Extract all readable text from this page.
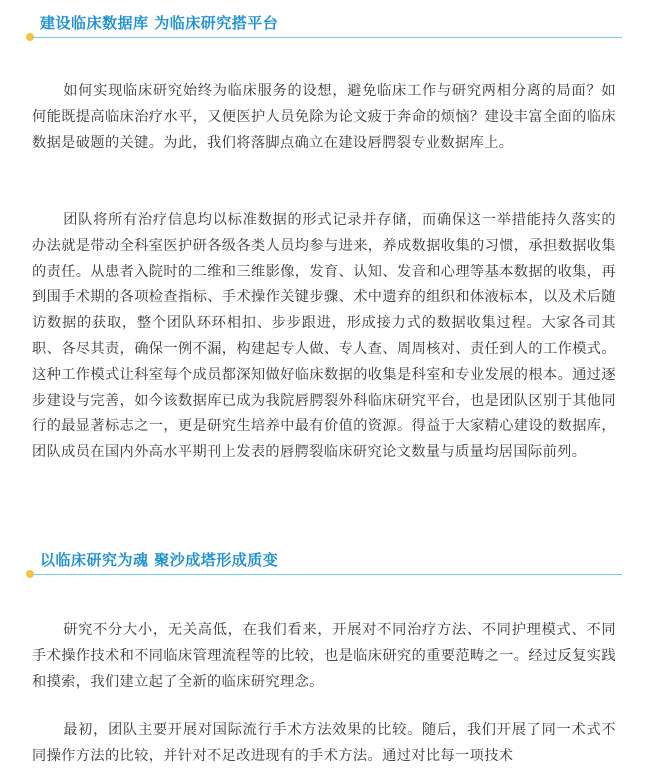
建设临床数据库 为临床研究搭平台

如何实现临床研究始终为临床服务的设想，避免临床工作与研究两相分离的局面？如何能既提高临床治疗水平，又便医护人员免除为论文疲于奔命的烦恼？建设丰富全面的临床数据是破题的关键。为此，我们将落脚点确立在建设唇腭裂专业数据库上。

团队将所有治疗信息均以标准数据的形式记录并存储，而确保这一举措能持久落实的办法就是带动全科室医护研各级各类人员均参与进来，养成数据收集的习惯，承担数据收集的责任。从患者入院时的二维和三维影像，发育、认知、发音和心理等基本数据的收集，再到围手术期的各项检查指标、手术操作关键步骤、术中遗弃的组织和体液标本，以及术后随访数据的获取，整个团队环环相扣、步步跟进，形成接力式的数据收集过程。大家各司其职、各尽其责，确保一例不漏，构建起专人做、专人查、周周核对、责任到人的工作模式。这种工作模式让科室每个成员都深知做好临床数据的收集是科室和专业发展的根本。通过逐步建设与完善，如今该数据库已成为我院唇腭裂外科临床研究平台，也是团队区别于其他同行的最显著标志之一，更是研究生培养中最有价值的资源。得益于大家精心建设的数据库，团队成员在国内外高水平期刊上发表的唇腭裂临床研究论文数量与质量均居国际前列。

以临床研究为魂 聚沙成塔形成质变

研究不分大小，无关高低，在我们看来，开展对不同治疗方法、不同护理模式、不同手术操作技术和不同临床管理流程等的比较，也是临床研究的重要范畴之一。经过反复实践和摸索，我们建立起了全新的临床研究理念。

最初，团队主要开展对国际流行手术方法效果的比较。随后，我们开展了同一术式不同操作方法的比较，并针对不足改进现有的手术方法。通过对比每一项技术
